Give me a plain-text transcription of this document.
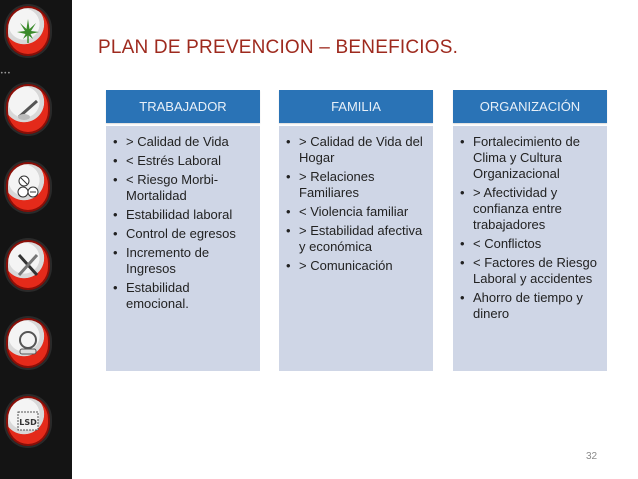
•••
LSD
PLAN DE PREVENCION – BENEFICIOS.
TRABAJADOR
• > Calidad de Vida
• < Estrés Laboral
• < Riesgo Morbi-Mortalidad
• Estabilidad laboral
• Control de egresos
• Incremento de Ingresos
• Estabilidad emocional.
FAMILIA
• > Calidad de Vida del Hogar
• > Relaciones Familiares
• < Violencia familiar
• > Estabilidad afectiva y económica
• > Comunicación
ORGANIZACIÓN
• Fortalecimiento de Clima y Cultura Organizacional
• > Afectividad y confianza entre trabajadores
• < Conflictos
• < Factores de Riesgo Laboral y accidentes
• Ahorro de tiempo y dinero
32
